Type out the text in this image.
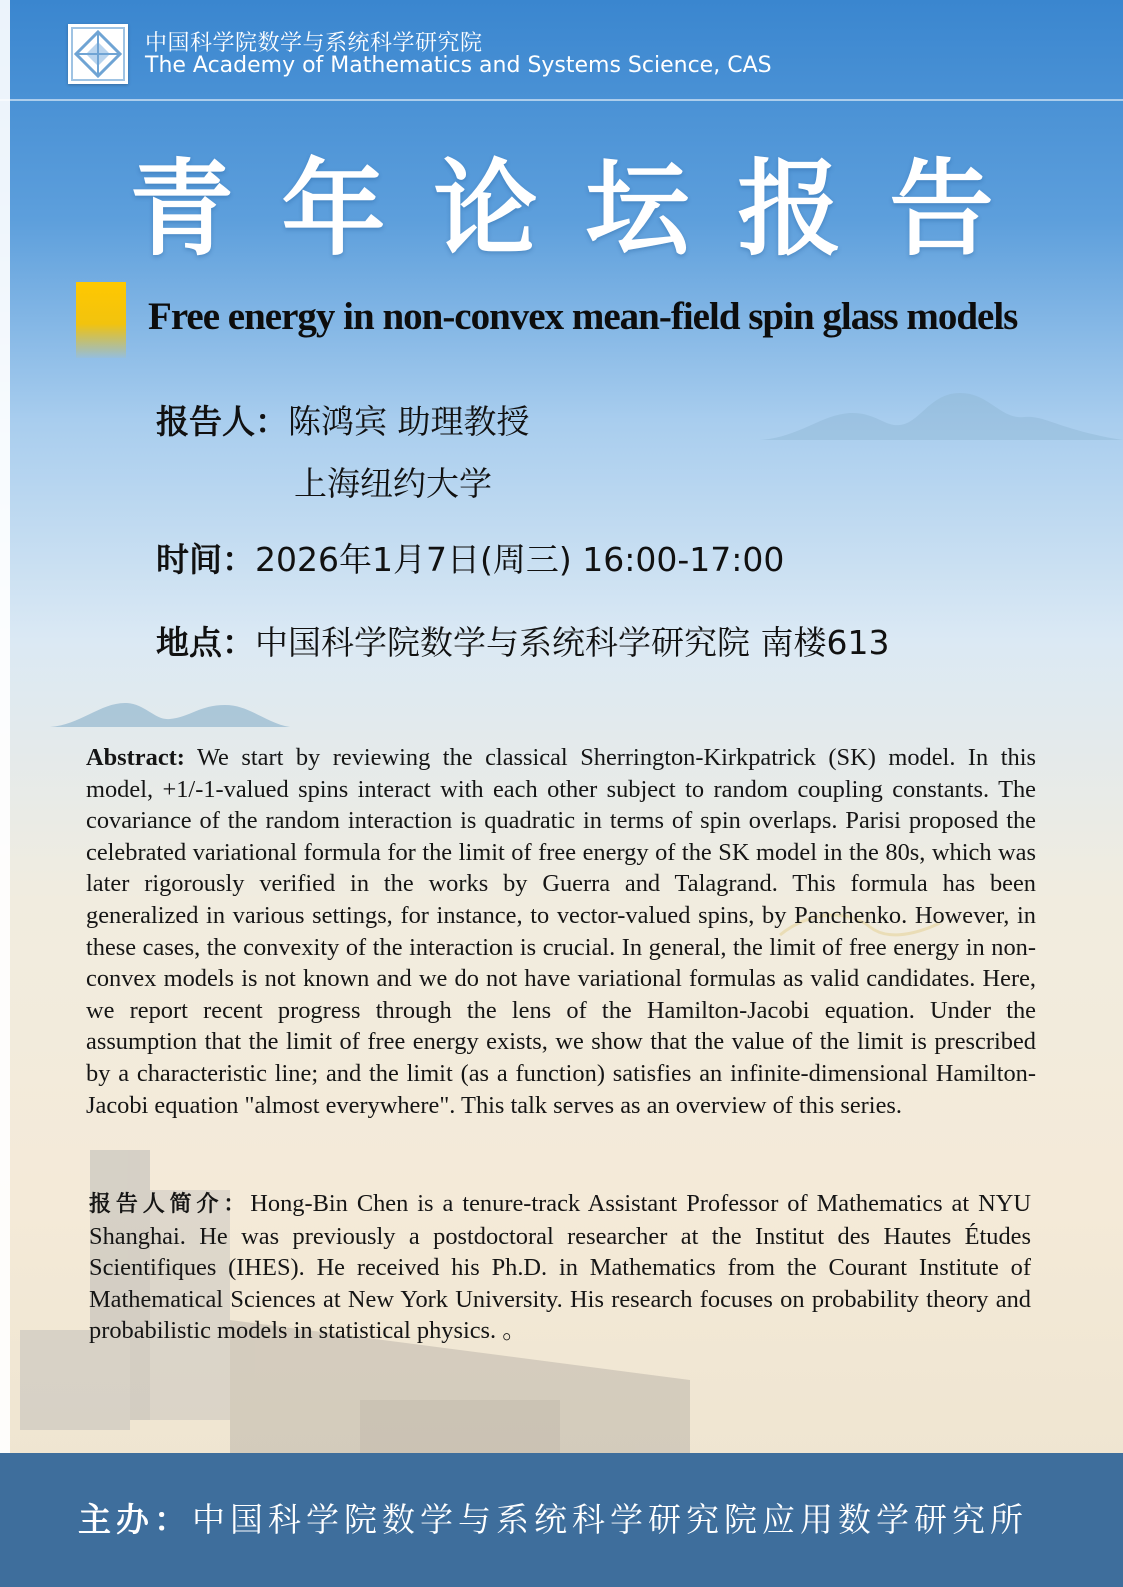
中国科学院数学与系统科学研究院
The Academy of Mathematics and Systems Science, CAS
青年论坛报告
Free energy in non-convex mean-field spin glass models
报告人：陈鸿宾 助理教授
上海纽约大学
时间：2026年1月7日(周三) 16:00-17:00
地点：中国科学院数学与系统科学研究院 南楼613
Abstract: We start by reviewing the classical Sherrington-Kirkpatrick (SK) model. In this model, +1/-1-valued spins interact with each other subject to random coupling constants. The covariance of the random interaction is quadratic in terms of spin overlaps. Parisi proposed the celebrated variational formula for the limit of free energy of the SK model in the 80s, which was later rigorously verified in the works by Guerra and Talagrand. This formula has been generalized in various settings, for instance, to vector-valued spins, by Panchenko. However, in these cases, the convexity of the interaction is crucial. In general, the limit of free energy in non-convex models is not known and we do not have variational formulas as valid candidates. Here, we report recent progress through the lens of the Hamilton-Jacobi equation. Under the assumption that the limit of free energy exists, we show that the value of the limit is prescribed by a characteristic line; and the limit (as a function) satisfies an infinite-dimensional Hamilton-Jacobi equation "almost everywhere". This talk serves as an overview of this series.
报告人简介：Hong-Bin Chen is a tenure-track Assistant Professor of Mathematics at NYU Shanghai. He was previously a postdoctoral researcher at the Institut des Hautes Études Scientifiques (IHES). He received his Ph.D. in Mathematics from the Courant Institute of Mathematical Sciences at New York University. His research focuses on probability theory and probabilistic models in statistical physics. 。
主办：中国科学院数学与系统科学研究院应用数学研究所
